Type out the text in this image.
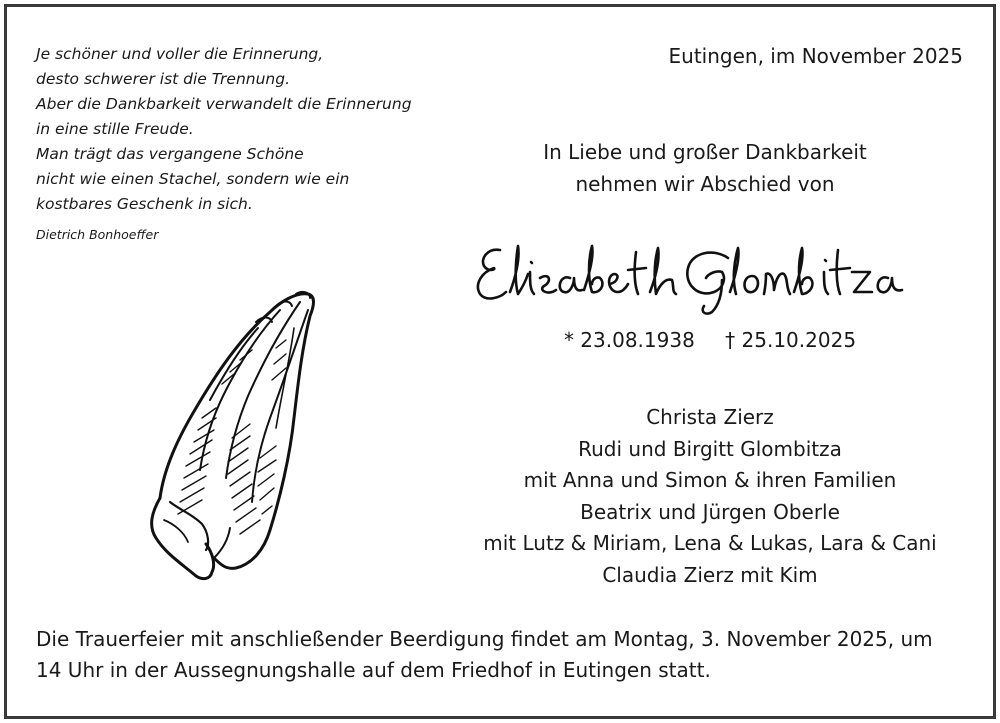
Je schöner und voller die Erinnerung,
desto schwerer ist die Trennung.
Aber die Dankbarkeit verwandelt die Erinnerung
in eine stille Freude.
Man trägt das vergangene Schöne
nicht wie einen Stachel, sondern wie ein
kostbares Geschenk in sich.
Dietrich Bonhoeffer
Eutingen, im November 2025
In Liebe und großer Dankbarkeit
nehmen wir Abschied von
* 23.08.1938 † 25.10.2025
Christa Zierz
Rudi und Birgitt Glombitza
mit Anna und Simon & ihren Familien
Beatrix und Jürgen Oberle
mit Lutz & Miriam, Lena & Lukas, Lara & Cani
Claudia Zierz mit Kim
Die Trauerfeier mit anschließender Beerdigung findet am Montag, 3. November 2025, um
14 Uhr in der Aussegnungshalle auf dem Friedhof in Eutingen statt.
